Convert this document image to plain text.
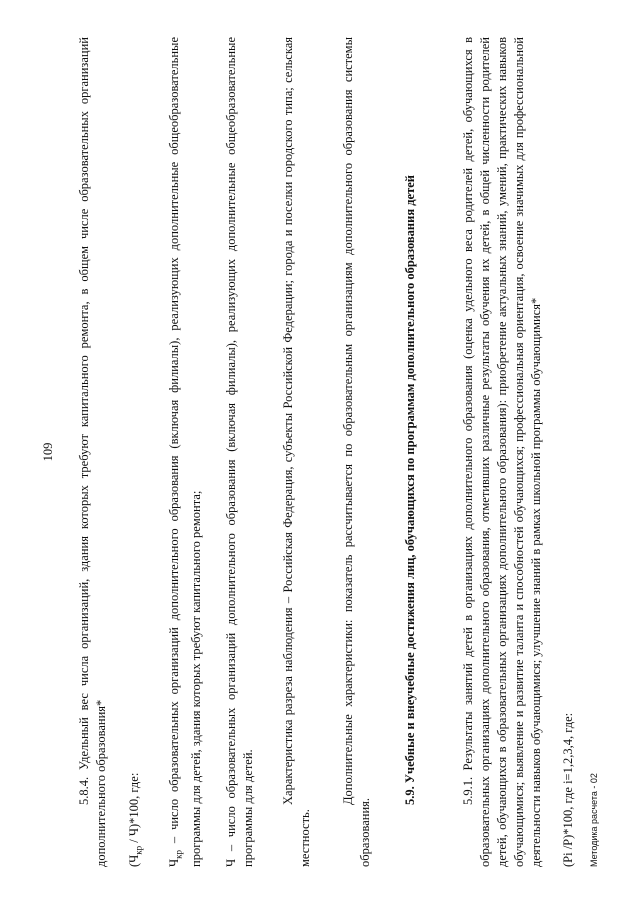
109 5.8.4. Удельный вес числа организаций, здания которых требуют капитального ремонта, в общем числе образовательных организаций дополнительного образования* $(Ч_{кр} / Ч)*100$, где:
$Ч_{кр}$ – число образовательных организаций дополнительного образования (включая филиалы), реализующих дополнительные общеобразовательные программы для детей, здания которых требуют капитального ремонта; Ч – число образовательных организаций дополнительного образования (включая филиалы), реализующих дополнительные общеобразовательные программы для детей.
Характеристика разреза наблюдения – Российская Федерация, субъекты Российской Федерации; города и поселки городского типа; сельская местность.
Дополнительные характеристики: показатель рассчитывается по образовательным организациям дополнительного образования системы образования.
5.9. Учебные и внеучебные достижения лиц, обучающихся по программам дополнительного образования детей	5.9.1. Результаты занятий детей в организациях дополнительного образования (оценка удельного веса родителей детей, обучающихся в образовательных организациях дополнительного образования, отметивших различные результаты обучения их детей, в общей численности родителей детей, обучающихся в образовательных организациях дополнительного образования): приобретение актуальных знаний, умений, практических навыков обучающимися; выявление и развитие таланта и способностей обучающихся; профессиональная ориентация, освоение значимых для профессиональной деятельности навыков обучающимися; улучшение знаний в рамках школьной программы обучающимися* (Pi /P)*100, где i=1,2,3,4, где:	Методика расчета - 02
